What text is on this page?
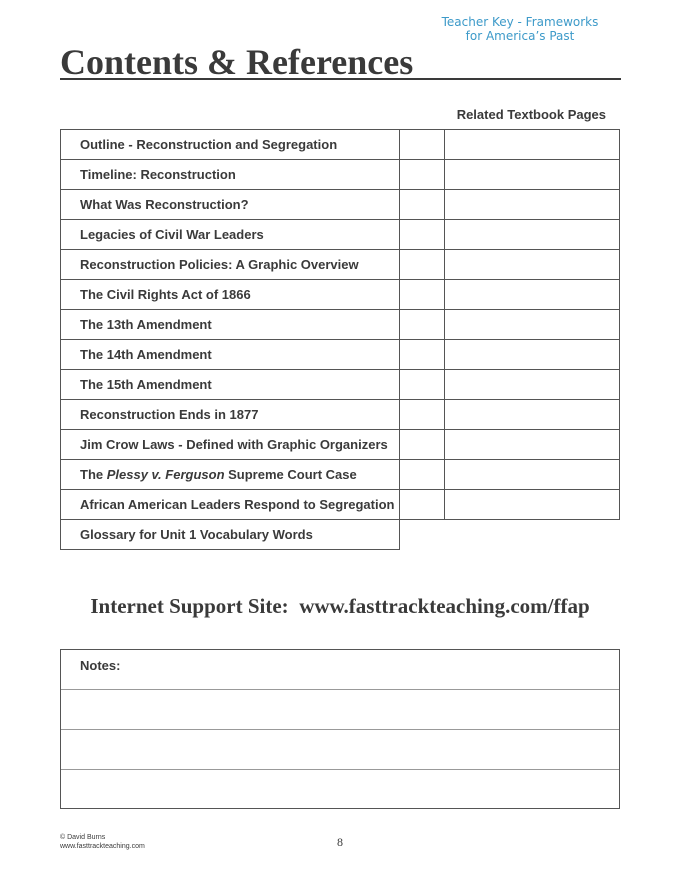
Teacher Key - Frameworks
for America’s Past
Contents & References
Related Textbook Pages
Outline - Reconstruction and Segregation
Timeline: Reconstruction
What Was Reconstruction?
Legacies of Civil War Leaders
Reconstruction Policies: A Graphic Overview
The Civil Rights Act of 1866
The 13th Amendment
The 14th Amendment
The 15th Amendment
Reconstruction Ends in 1877
Jim Crow Laws - Defined with Graphic Organizers
The Plessy v. Ferguson Supreme Court Case
African American Leaders Respond to Segregation
Glossary for Unit 1 Vocabulary Words
Internet Support Site: www.fasttrackteaching.com/ffap
Notes:
© David Burns
www.fasttrackteaching.com	8
